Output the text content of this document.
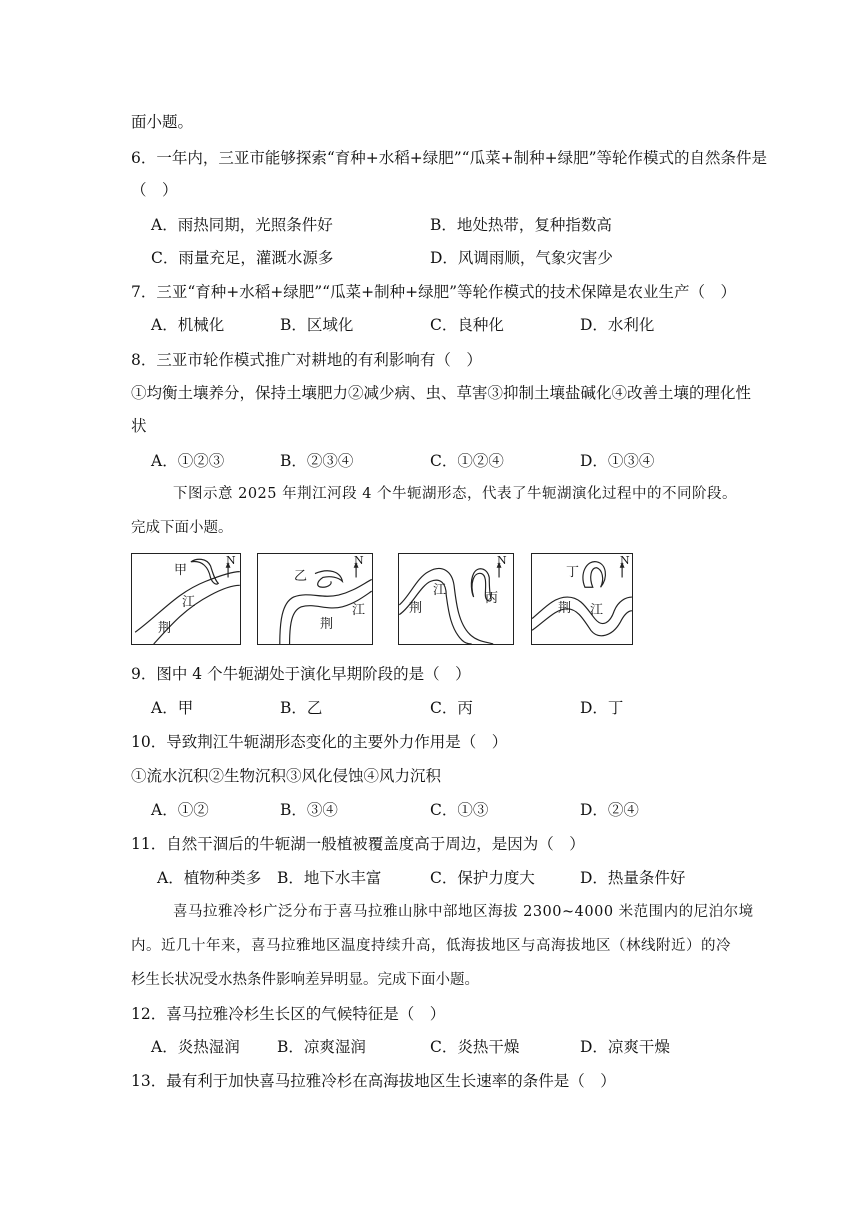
面小题。
6．一年内，三亚市能够探索“育种+水稻+绿肥”“瓜菜+制种+绿肥”等轮作模式的自然条件是
（　）
A．雨热同期，光照条件好	B．地处热带，复种指数高
C．雨量充足，灌溉水源多	D．风调雨顺，气象灾害少
7．三亚“育种+水稻+绿肥”“瓜菜+制种+绿肥”等轮作模式的技术保障是农业生产（　）
A．机械化	B．区域化	C．良种化	D．水利化
8．三亚市轮作模式推广对耕地的有利影响有（　）
①均衡土壤养分，保持土壤肥力②减少病、虫、草害③抑制土壤盐碱化④改善土壤的理化性
状
A．①②③	B．②③④	C．①②④	D．①③④
下图示意 2025 年荆江河段 4 个牛轭湖形态，代表了牛轭湖演化过程中的不同阶段。
完成下面小题。
甲
N
江
荆
乙
N
江
荆
N
江
丙
荆
丁
N
荆 江
9．图中 4 个牛轭湖处于演化早期阶段的是（　）
A．甲	B．乙	C．丙	D．丁
10．导致荆江牛轭湖形态变化的主要外力作用是（　）
①流水沉积②生物沉积③风化侵蚀④风力沉积
A．①②	B．③④	C．①③	D．②④
11．自然干涸后的牛轭湖一般植被覆盖度高于周边，是因为（　）
A．植物种类多 B．地下水丰富	C．保护力度大	D．热量条件好
喜马拉雅冷杉广泛分布于喜马拉雅山脉中部地区海拔 2300~4000 米范围内的尼泊尔境
内。近几十年来，喜马拉雅地区温度持续升高，低海拔地区与高海拔地区（林线附近）的冷
杉生长状况受水热条件影响差异明显。完成下面小题。
12．喜马拉雅冷杉生长区的气候特征是（　）
A．炎热湿润 B．凉爽湿润	C．炎热干燥	D．凉爽干燥
13．最有利于加快喜马拉雅冷杉在高海拔地区生长速率的条件是（　）
